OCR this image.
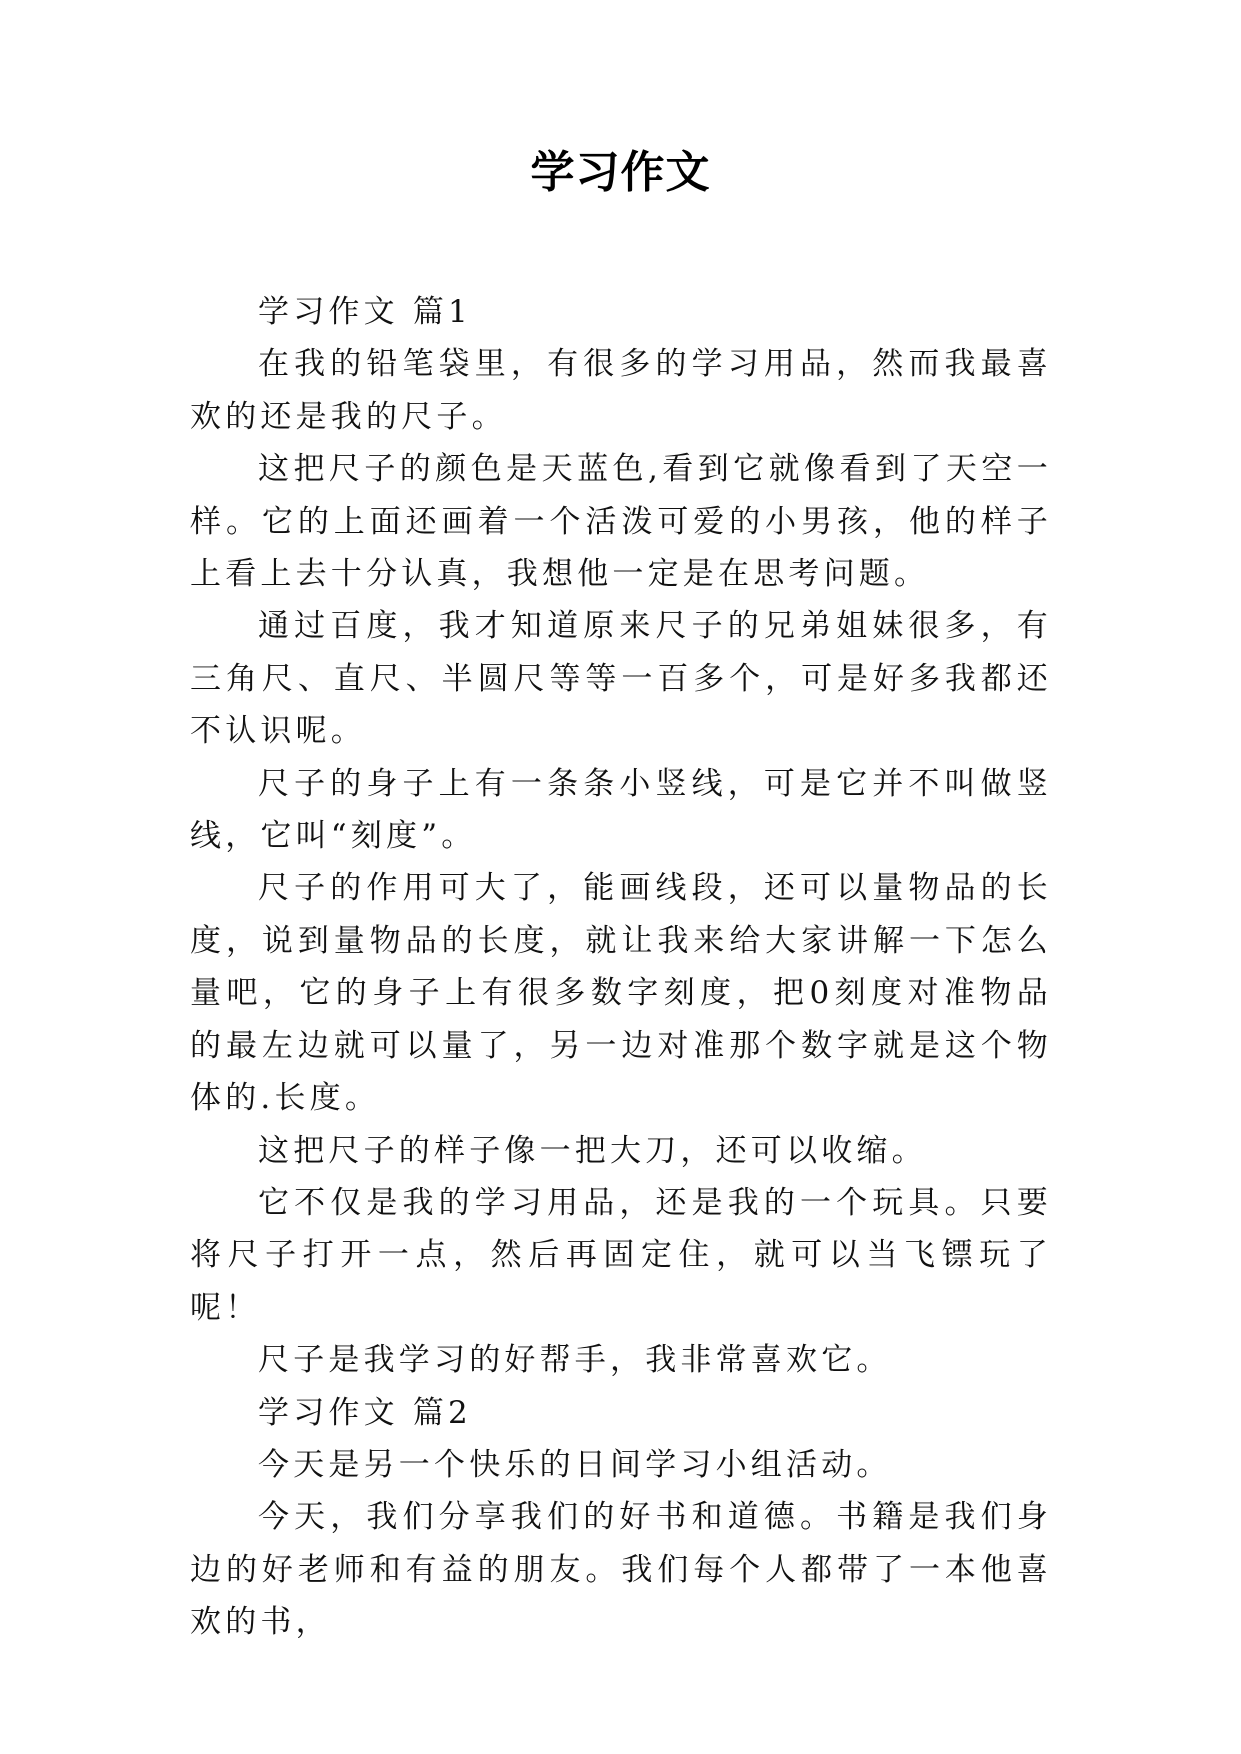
学习作文

学习作文 篇1

在我的铅笔袋里，有很多的学习用品，然而我最喜欢的还是我的尺子。

这把尺子的颜色是天蓝色,看到它就像看到了天空一样。它的上面还画着一个活泼可爱的小男孩，他的样子上看上去十分认真，我想他一定是在思考问题。

通过百度，我才知道原来尺子的兄弟姐妹很多，有三角尺、直尺、半圆尺等等一百多个，可是好多我都还不认识呢。

尺子的身子上有一条条小竖线，可是它并不叫做竖线，它叫“刻度”。

尺子的作用可大了，能画线段，还可以量物品的长度，说到量物品的长度，就让我来给大家讲解一下怎么量吧，它的身子上有很多数字刻度，把0刻度对准物品的最左边就可以量了，另一边对准那个数字就是这个物体的.长度。

这把尺子的样子像一把大刀，还可以收缩。

它不仅是我的学习用品，还是我的一个玩具。只要将尺子打开一点，然后再固定住，就可以当飞镖玩了呢！

尺子是我学习的好帮手，我非常喜欢它。

学习作文 篇2

今天是另一个快乐的日间学习小组活动。

今天，我们分享我们的好书和道德。书籍是我们身边的好老师和有益的朋友。我们每个人都带了一本他喜欢的书，
